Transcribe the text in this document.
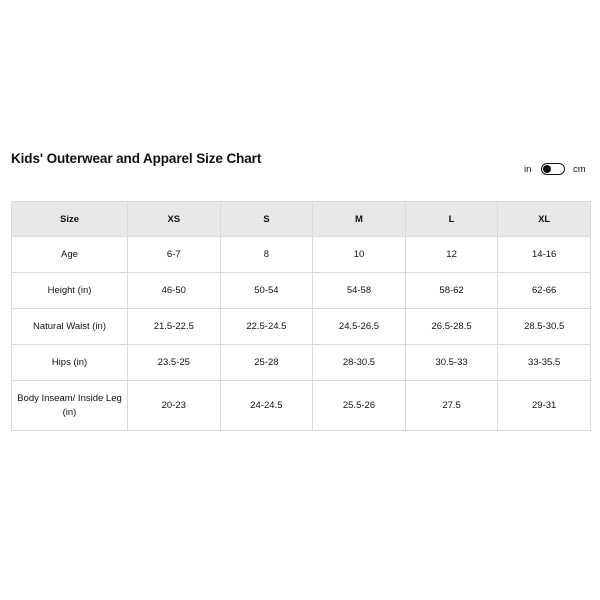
Kids' Outerwear and Apparel Size Chart
in	cm
Size	XS	S	M	L	XL
Age	6-7	8	10	12	14-16
Height (in)	46-50	50-54	54-58	58-62	62-66
Natural Waist (in)	21.5-22.5	22.5-24.5	24.5-26.5	26.5-28.5	28.5-30.5
Hips (in)	23.5-25	25-28	28-30.5	30.5-33	33-35.5
Body Inseam/ Inside Leg (in)	20-23	24-24.5	25.5-26	27.5	29-31
